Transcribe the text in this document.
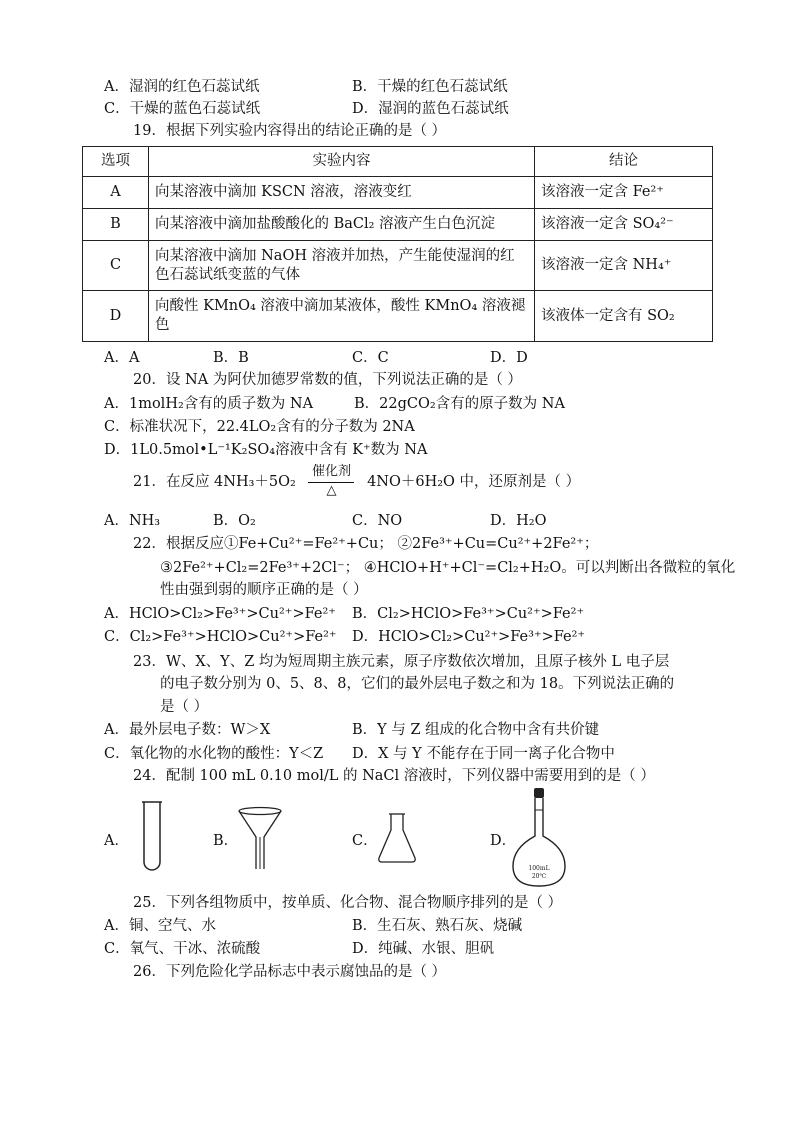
A．湿润的红色石蕊试纸	B．干燥的红色石蕊试纸
C．干燥的蓝色石蕊试纸	D．湿润的蓝色石蕊试纸
19．根据下列实验内容得出的结论正确的是（ ）
选项	实验内容	结论
A	向某溶液中滴加 KSCN 溶液，溶液变红	该溶液一定含 Fe²⁺
B	向某溶液中滴加盐酸酸化的 BaCl₂ 溶液产生白色沉淀	该溶液一定含 SO₄²⁻
C	向某溶液中滴加 NaOH 溶液并加热，产生能使湿润的红色石蕊试纸变蓝的气体	该溶液一定含 NH₄⁺
D	向酸性 KMnO₄ 溶液中滴加某液体，酸性 KMnO₄ 溶液褪色	该液体一定含有 SO₂
A．A	B．B	C．C	D．D
20．设 NA 为阿伏加德罗常数的值，下列说法正确的是（ ）
A．1molH₂含有的质子数为 NA	B．22gCO₂含有的原子数为 NA
C．标准状况下，22.4LO₂含有的分子数为 2NA
D．1L0.5mol•L⁻¹K₂SO₄溶液中含有 K⁺数为 NA
21．在反应 4NH₃＋5O₂
催化剂
△
4NO＋6H₂O 中，还原剂是（ ）
A．NH₃	B．O₂	C．NO	D．H₂O
22．根据反应①Fe+Cu²⁺=Fe²⁺+Cu； ②2Fe³⁺+Cu=Cu²⁺+2Fe²⁺；
③2Fe²⁺+Cl₂=2Fe³⁺+2Cl⁻； ④HClO+H⁺+Cl⁻=Cl₂+H₂O。可以判断出各微粒的氧化
性由强到弱的顺序正确的是（ ）
A．HClO>Cl₂>Fe³⁺>Cu²⁺>Fe²⁺ B．Cl₂>HClO>Fe³⁺>Cu²⁺>Fe²⁺
C．Cl₂>Fe³⁺>HClO>Cu²⁺>Fe²⁺ D．HClO>Cl₂>Cu²⁺>Fe³⁺>Fe²⁺
23．W、X、Y、Z 均为短周期主族元素，原子序数依次增加，且原子核外 L 电子层
的电子数分别为 0、5、8、8，它们的最外层电子数之和为 18。下列说法正确的
是（ ）
A．最外层电子数：W＞X	B．Y 与 Z 组成的化合物中含有共价键
C．氧化物的水化物的酸性：Y＜Z D．X 与 Y 不能存在于同一离子化合物中
24．配制 100 mL 0.10 mol/L 的 NaCl 溶液时，下列仪器中需要用到的是（ ）
A．	B．	C．	D．
100mL
20℃
25．下列各组物质中，按单质、化合物、混合物顺序排列的是（ ）
A．铜、空气、水	B．生石灰、熟石灰、烧碱
C．氧气、干冰、浓硫酸	D．纯碱、水银、胆矾
26．下列危险化学品标志中表示腐蚀品的是（ ）
